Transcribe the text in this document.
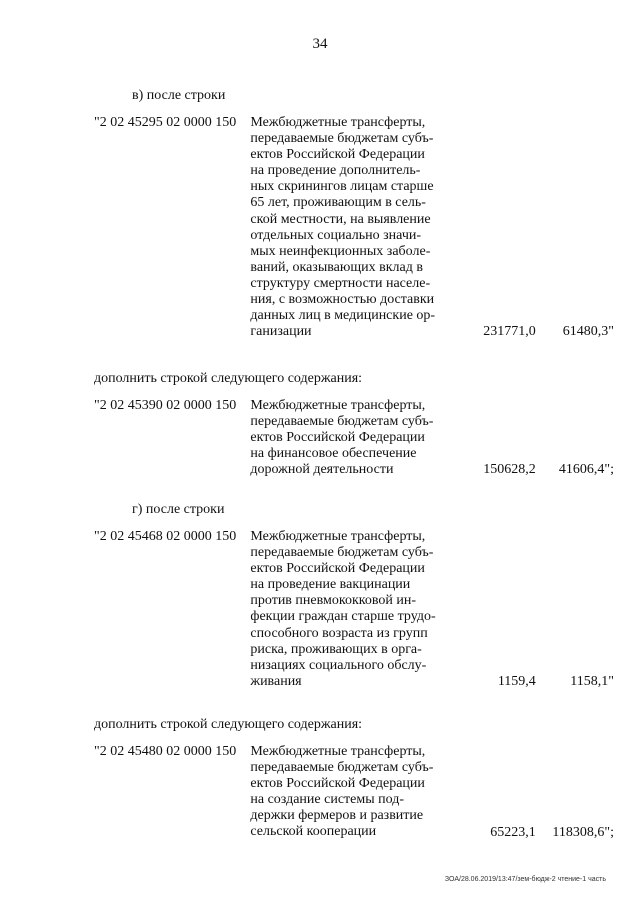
34
в) после строки
"2 02 45295 02 0000 150	Межбюджетные трансферты,
передаваемые бюджетам субъ-
ектов Российской Федерации
на проведение дополнитель-
ных скринингов лицам старше
65 лет, проживающим в сель-
ской местности, на выявление
отдельных социально значи-
мых неинфекционных заболе-
ваний, оказывающих вклад в
структуру смертности населе-
ния, с возможностью доставки
данных лиц в медицинские ор-
ганизации	231771,0	61480,3"
дополнить строкой следующего содержания:
"2 02 45390 02 0000 150	Межбюджетные трансферты,
передаваемые бюджетам субъ-
ектов Российской Федерации
на финансовое обеспечение
дорожной деятельности	150628,2	41606,4";
г) после строки
"2 02 45468 02 0000 150	Межбюджетные трансферты,
передаваемые бюджетам субъ-
ектов Российской Федерации
на проведение вакцинации
против пневмококковой ин-
фекции граждан старше трудо-
способного возраста из групп
риска, проживающих в орга-
низациях социального обслу-
живания	1159,4	1158,1"
дополнить строкой следующего содержания:
"2 02 45480 02 0000 150	Межбюджетные трансферты,
передаваемые бюджетам субъ-
ектов Российской Федерации
на создание системы под-
держки фермеров и развитие
сельской кооперации	65223,1	118308,6";
ЗОА/28.06.2019/13:47/зем-бюдж-2 чтение-1 часть
